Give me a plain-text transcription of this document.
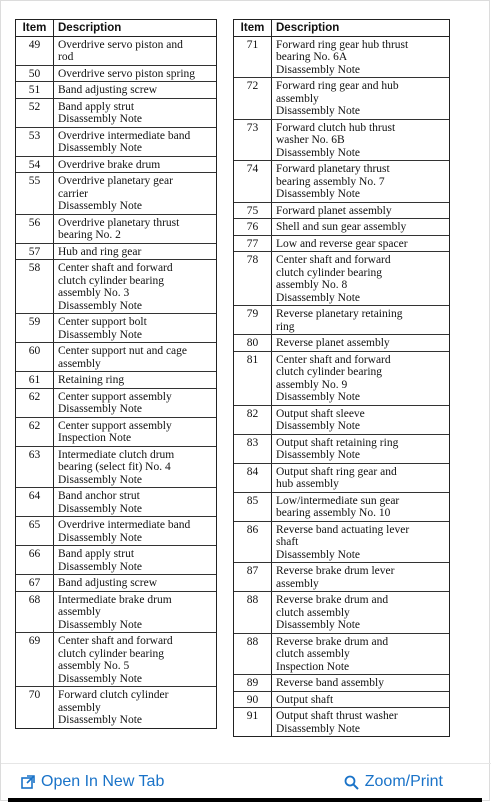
Item	Description
49	Overdrive servo piston and
rod
50	Overdrive servo piston spring
51	Band adjusting screw
52	Band apply strut
Disassembly Note
53	Overdrive intermediate band
Disassembly Note
54	Overdrive brake drum
55	Overdrive planetary gear
carrier
Disassembly Note
56	Overdrive planetary thrust
bearing No. 2
57	Hub and ring gear
58	Center shaft and forward
clutch cylinder bearing
assembly No. 3
Disassembly Note
59	Center support bolt
Disassembly Note
60	Center support nut and cage
assembly
61	Retaining ring
62	Center support assembly
Disassembly Note
62	Center support assembly
Inspection Note
63	Intermediate clutch drum
bearing (select fit) No. 4
Disassembly Note
64	Band anchor strut
Disassembly Note
65	Overdrive intermediate band
Disassembly Note
66	Band apply strut
Disassembly Note
67	Band adjusting screw
68	Intermediate brake drum
assembly
Disassembly Note
69	Center shaft and forward
clutch cylinder bearing
assembly No. 5
Disassembly Note
70	Forward clutch cylinder
assembly
Disassembly Note
Item	Description
71	Forward ring gear hub thrust
bearing No. 6A
Disassembly Note
72	Forward ring gear and hub
assembly
Disassembly Note
73	Forward clutch hub thrust
washer No. 6B
Disassembly Note
74	Forward planetary thrust
bearing assembly No. 7
Disassembly Note
75	Forward planet assembly
76	Shell and sun gear assembly
77	Low and reverse gear spacer
78	Center shaft and forward
clutch cylinder bearing
assembly No. 8
Disassembly Note
79	Reverse planetary retaining
ring
80	Reverse planet assembly
81	Center shaft and forward
clutch cylinder bearing
assembly No. 9
Disassembly Note
82	Output shaft sleeve
Disassembly Note
83	Output shaft retaining ring
Disassembly Note
84	Output shaft ring gear and
hub assembly
85	Low/intermediate sun gear
bearing assembly No. 10
86	Reverse band actuating lever
shaft
Disassembly Note
87	Reverse brake drum lever
assembly
88	Reverse brake drum and
clutch assembly
Disassembly Note
88	Reverse brake drum and
clutch assembly
Inspection Note
89	Reverse band assembly
90	Output shaft
91	Output shaft thrust washer
Disassembly Note
Open In New Tab	Zoom/Print
